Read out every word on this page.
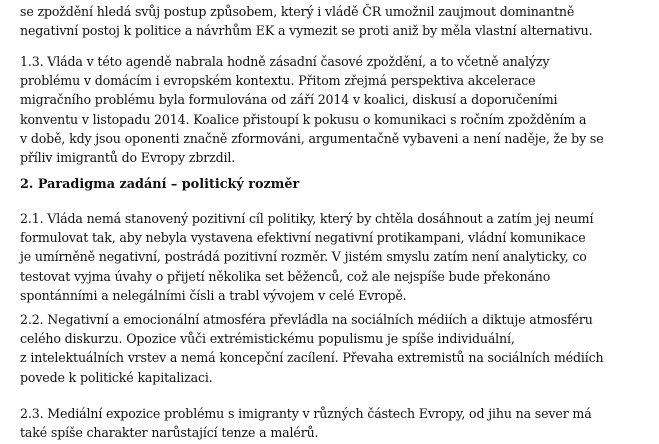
se zpoždění hledá svůj postup způsobem, který i vládě ČR umožnil zaujmout dominantně
negativní postoj k politice a návrhům EK a vymezit se proti aniž by měla vlastní alternativu.
1.3. Vláda v této agendě nabrala hodně zásadní časové zpoždění, a to včetně analýzy
problému v domácím i evropském kontextu. Přitom zřejmá perspektiva akcelerace
migračního problému byla formulována od září 2014 v koalici, diskusí a doporučeními
konventu v listopadu 2014. Koalice přistoupí k pokusu o komunikaci s ročním zpožděním a
v době, kdy jsou oponenti značně zformováni, argumentačně vybaveni a není naděje, že by se
příliv imigrantů do Evropy zbrzdil.
2. Paradigma zadání – politický rozměr
2.1. Vláda nemá stanovený pozitivní cíl politiky, který by chtěla dosáhnout a zatím jej neumí
formulovat tak, aby nebyla vystavena efektivní negativní protikampani, vládní komunikace
je umírněně negativní, postrádá pozitivní rozměr. V jistém smyslu zatím není analyticky, co
testovat vyjma úvahy o přijetí několika set běženců, což ale nejspíše bude překonáno
spontánními a nelegálními čísli a trabl vývojem v celé Evropě.
2.2. Negativní a emocionální atmosféra převládla na sociálních médiích a diktuje atmosféru
celého diskurzu. Opozice vůči extrémistickému populismu je spíše individuální,
z intelektuálních vrstev a nemá koncepční zacílení. Převaha extremistů na sociálních médiích
povede k politické kapitalizaci.
2.3. Mediální expozice problému s imigranty v různých částech Evropy, od jihu na sever má
také spíše charakter narůstající tenze a malérů.
